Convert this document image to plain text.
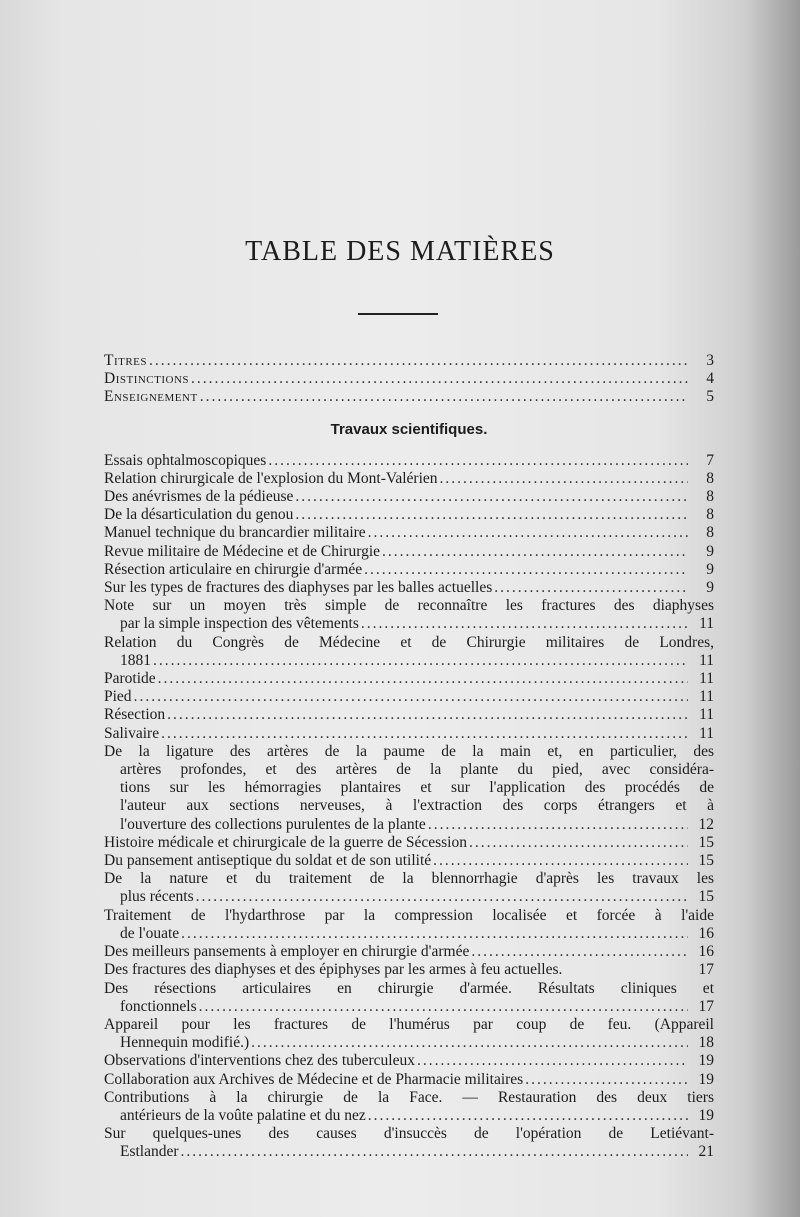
TABLE DES MATIÈRES
Titres .....	3
Distinctions .....	4
Enseignement .....	5
Travaux scientifiques.
Essais ophtalmoscopiques .....	7
Relation chirurgicale de l'explosion du Mont-Valérien .....	8
Des anévrismes de la pédieuse .....	8
De la désarticulation du genou .....	8
Manuel technique du brancardier militaire .....	8
Revue militaire de Médecine et de Chirurgie .....	9
Résection articulaire en chirurgie d'armée .....	9
Sur les types de fractures des diaphyses par les balles actuelles .....	9
Note sur un moyen très simple de reconnaître les fractures des diaphyses
par la simple inspection des vêtements .....	11
Relation du Congrès de Médecine et de Chirurgie militaires de Londres,
1881 .....	11
Parotide .....	11
Pied .....	11
Résection .....	11
Salivaire .....	11
De la ligature des artères de la paume de la main et, en particulier, des
artères profondes, et des artères de la plante du pied, avec considéra-
tions sur les hémorragies plantaires et sur l'application des procédés de
l'auteur aux sections nerveuses, à l'extraction des corps étrangers et à
l'ouverture des collections purulentes de la plante .....	12
Histoire médicale et chirurgicale de la guerre de Sécession .....	15
Du pansement antiseptique du soldat et de son utilité .....	15
De la nature et du traitement de la blennorrhagie d'après les travaux les
plus récents .....	15
Traitement de l'hydarthrose par la compression localisée et forcée à l'aide
de l'ouate .....	16
Des meilleurs pansements à employer en chirurgie d'armée .....	16
Des fractures des diaphyses et des épiphyses par les armes à feu actuelles.	17
Des résections articulaires en chirurgie d'armée. Résultats cliniques et
fonctionnels .....	17
Appareil pour les fractures de l'humérus par coup de feu. (Appareil
Hennequin modifié.) .....	18
Observations d'interventions chez des tuberculeux .....	19
Collaboration aux Archives de Médecine et de Pharmacie militaires .....	19
Contributions à la chirurgie de la Face. — Restauration des deux tiers
antérieurs de la voûte palatine et du nez .....	19
Sur quelques-unes des causes d'insuccès de l'opération de Letiévant-
Estlander .....	21
